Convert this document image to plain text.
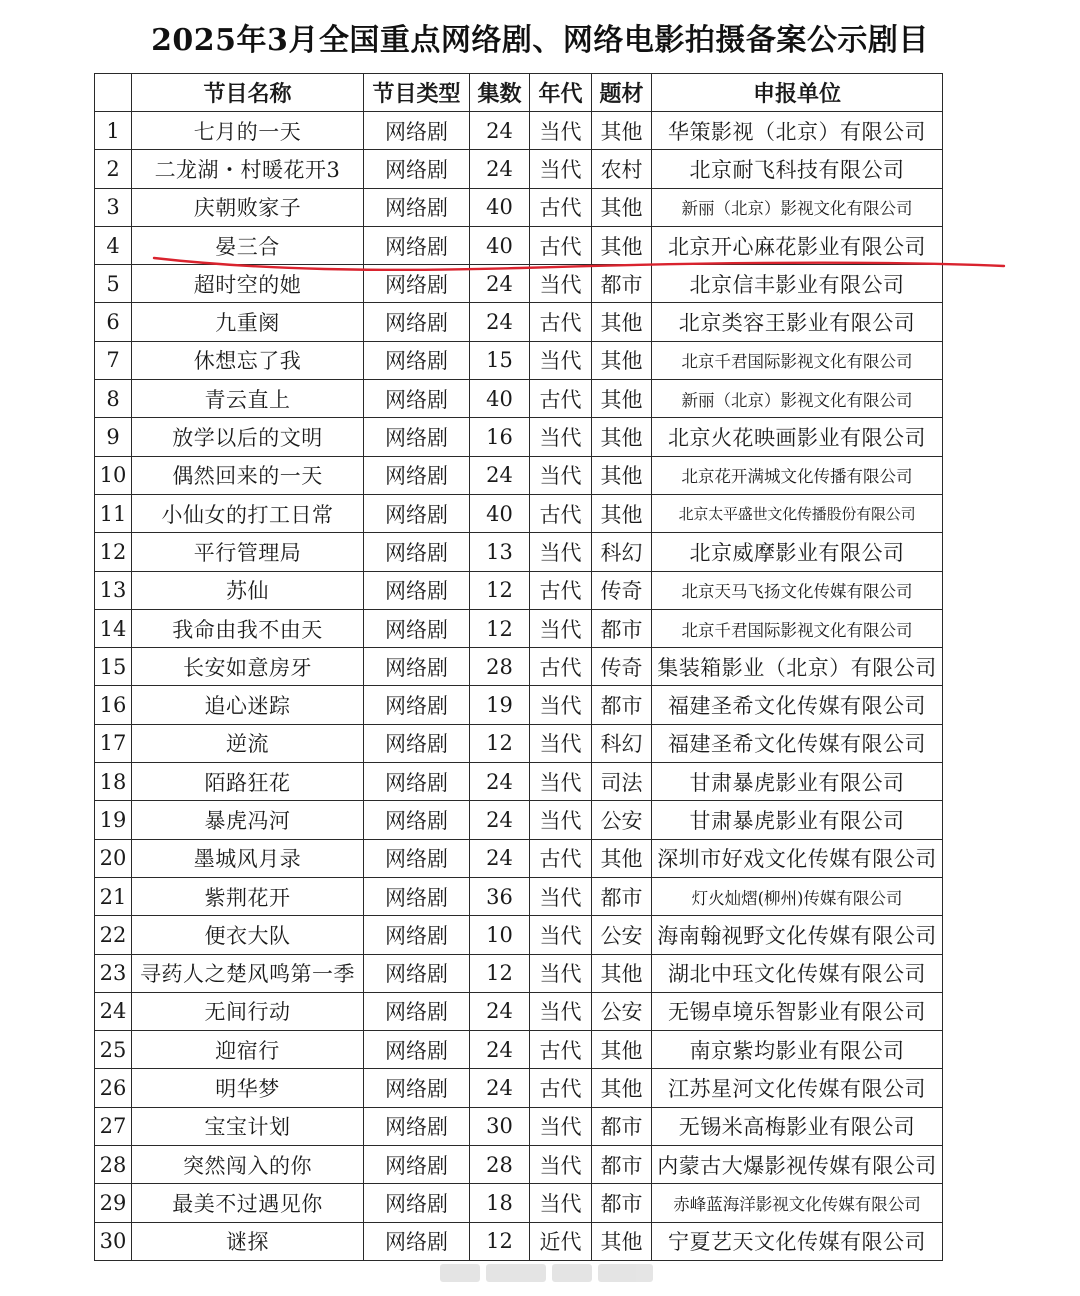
2025年3月全国重点网络剧、网络电影拍摄备案公示剧目
	节目名称	节目类型	集数	年代	题材	申报单位
1	七月的一天	网络剧	24	当代	其他	华策影视（北京）有限公司
2	二龙湖・村暖花开3	网络剧	24	当代	农村	北京耐飞科技有限公司
3	庆朝败家子	网络剧	40	古代	其他	新丽（北京）影视文化有限公司
4	晏三合	网络剧	40	古代	其他	北京开心麻花影业有限公司
5	超时空的她	网络剧	24	当代	都市	北京信丰影业有限公司
6	九重阕	网络剧	24	古代	其他	北京类容王影业有限公司
7	休想忘了我	网络剧	15	当代	其他	北京千君国际影视文化有限公司
8	青云直上	网络剧	40	古代	其他	新丽（北京）影视文化有限公司
9	放学以后的文明	网络剧	16	当代	其他	北京火花映画影业有限公司
10	偶然回来的一天	网络剧	24	当代	其他	北京花开满城文化传播有限公司
11	小仙女的打工日常	网络剧	40	古代	其他	北京太平盛世文化传播股份有限公司
12	平行管理局	网络剧	13	当代	科幻	北京威摩影业有限公司
13	苏仙	网络剧	12	古代	传奇	北京天马飞扬文化传媒有限公司
14	我命由我不由天	网络剧	12	当代	都市	北京千君国际影视文化有限公司
15	长安如意房牙	网络剧	28	古代	传奇	集装箱影业（北京）有限公司
16	追心迷踪	网络剧	19	当代	都市	福建圣希文化传媒有限公司
17	逆流	网络剧	12	当代	科幻	福建圣希文化传媒有限公司
18	陌路狂花	网络剧	24	当代	司法	甘肃暴虎影业有限公司
19	暴虎冯河	网络剧	24	当代	公安	甘肃暴虎影业有限公司
20	墨城风月录	网络剧	24	古代	其他	深圳市好戏文化传媒有限公司
21	紫荆花开	网络剧	36	当代	都市	灯火灿熠(柳州)传媒有限公司
22	便衣大队	网络剧	10	当代	公安	海南翰视野文化传媒有限公司
23	寻药人之楚风鸣第一季	网络剧	12	当代	其他	湖北中珏文化传媒有限公司
24	无间行动	网络剧	24	当代	公安	无锡卓境乐智影业有限公司
25	迎宿行	网络剧	24	古代	其他	南京紫均影业有限公司
26	明华梦	网络剧	24	古代	其他	江苏星河文化传媒有限公司
27	宝宝计划	网络剧	30	当代	都市	无锡米高梅影业有限公司
28	突然闯入的你	网络剧	28	当代	都市	内蒙古大爆影视传媒有限公司
29	最美不过遇见你	网络剧	18	当代	都市	赤峰蓝海洋影视文化传媒有限公司
30	谜探	网络剧	12	近代	其他	宁夏艺天文化传媒有限公司
